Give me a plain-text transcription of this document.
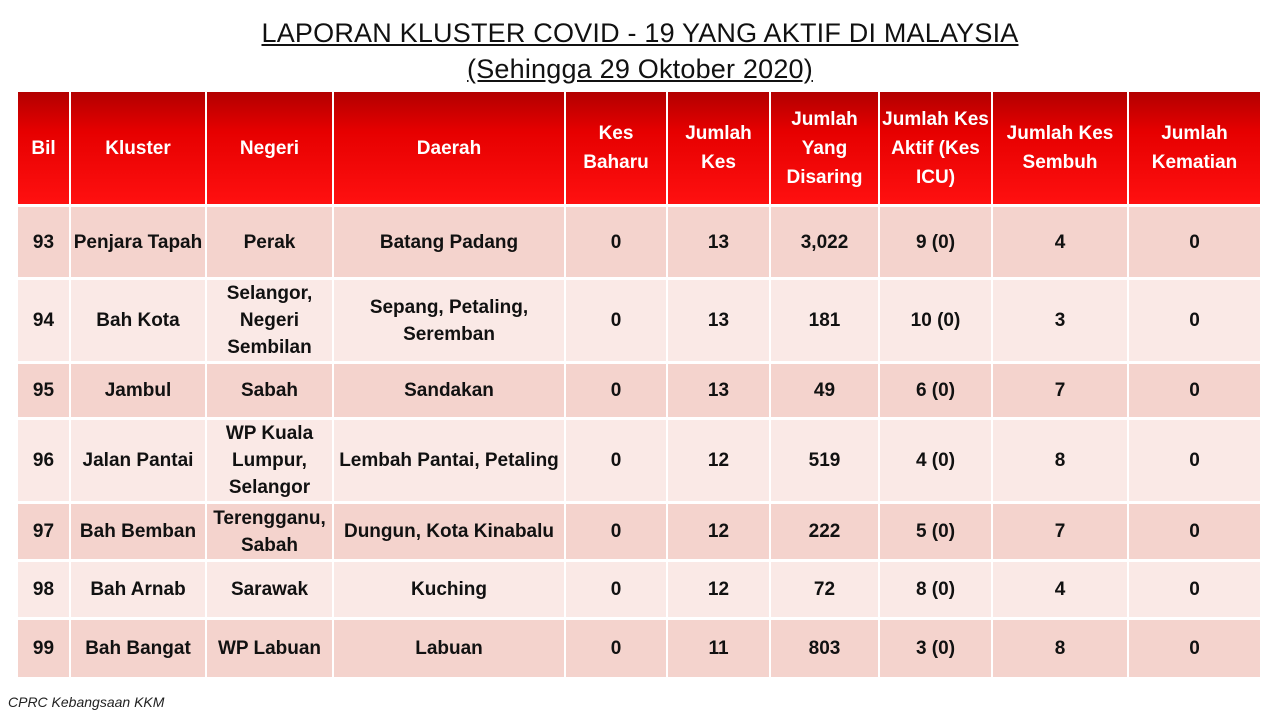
LAPORAN KLUSTER COVID - 19 YANG AKTIF DI MALAYSIA
(Sehingga 29 Oktober 2020)
Bil	Kluster	Negeri	Daerah	Kes Baharu	Jumlah Kes	Jumlah Yang Disaring	Jumlah Kes Aktif (Kes ICU)	Jumlah Kes Sembuh	Jumlah Kematian
93	Penjara Tapah	Perak	Batang Padang	0	13	3,022	9 (0)	4	0
94	Bah Kota	Selangor, Negeri Sembilan	Sepang, Petaling, Seremban	0	13	181	10 (0)	3	0
95	Jambul	Sabah	Sandakan	0	13	49	6 (0)	7	0
96	Jalan Pantai	WP Kuala Lumpur, Selangor	Lembah Pantai, Petaling	0	12	519	4 (0)	8	0
97	Bah Bemban	Terengganu, Sabah	Dungun, Kota Kinabalu	0	12	222	5 (0)	7	0
98	Bah Arnab	Sarawak	Kuching	0	12	72	8 (0)	4	0
99	Bah Bangat	WP Labuan	Labuan	0	11	803	3 (0)	8	0
CPRC Kebangsaan KKM
